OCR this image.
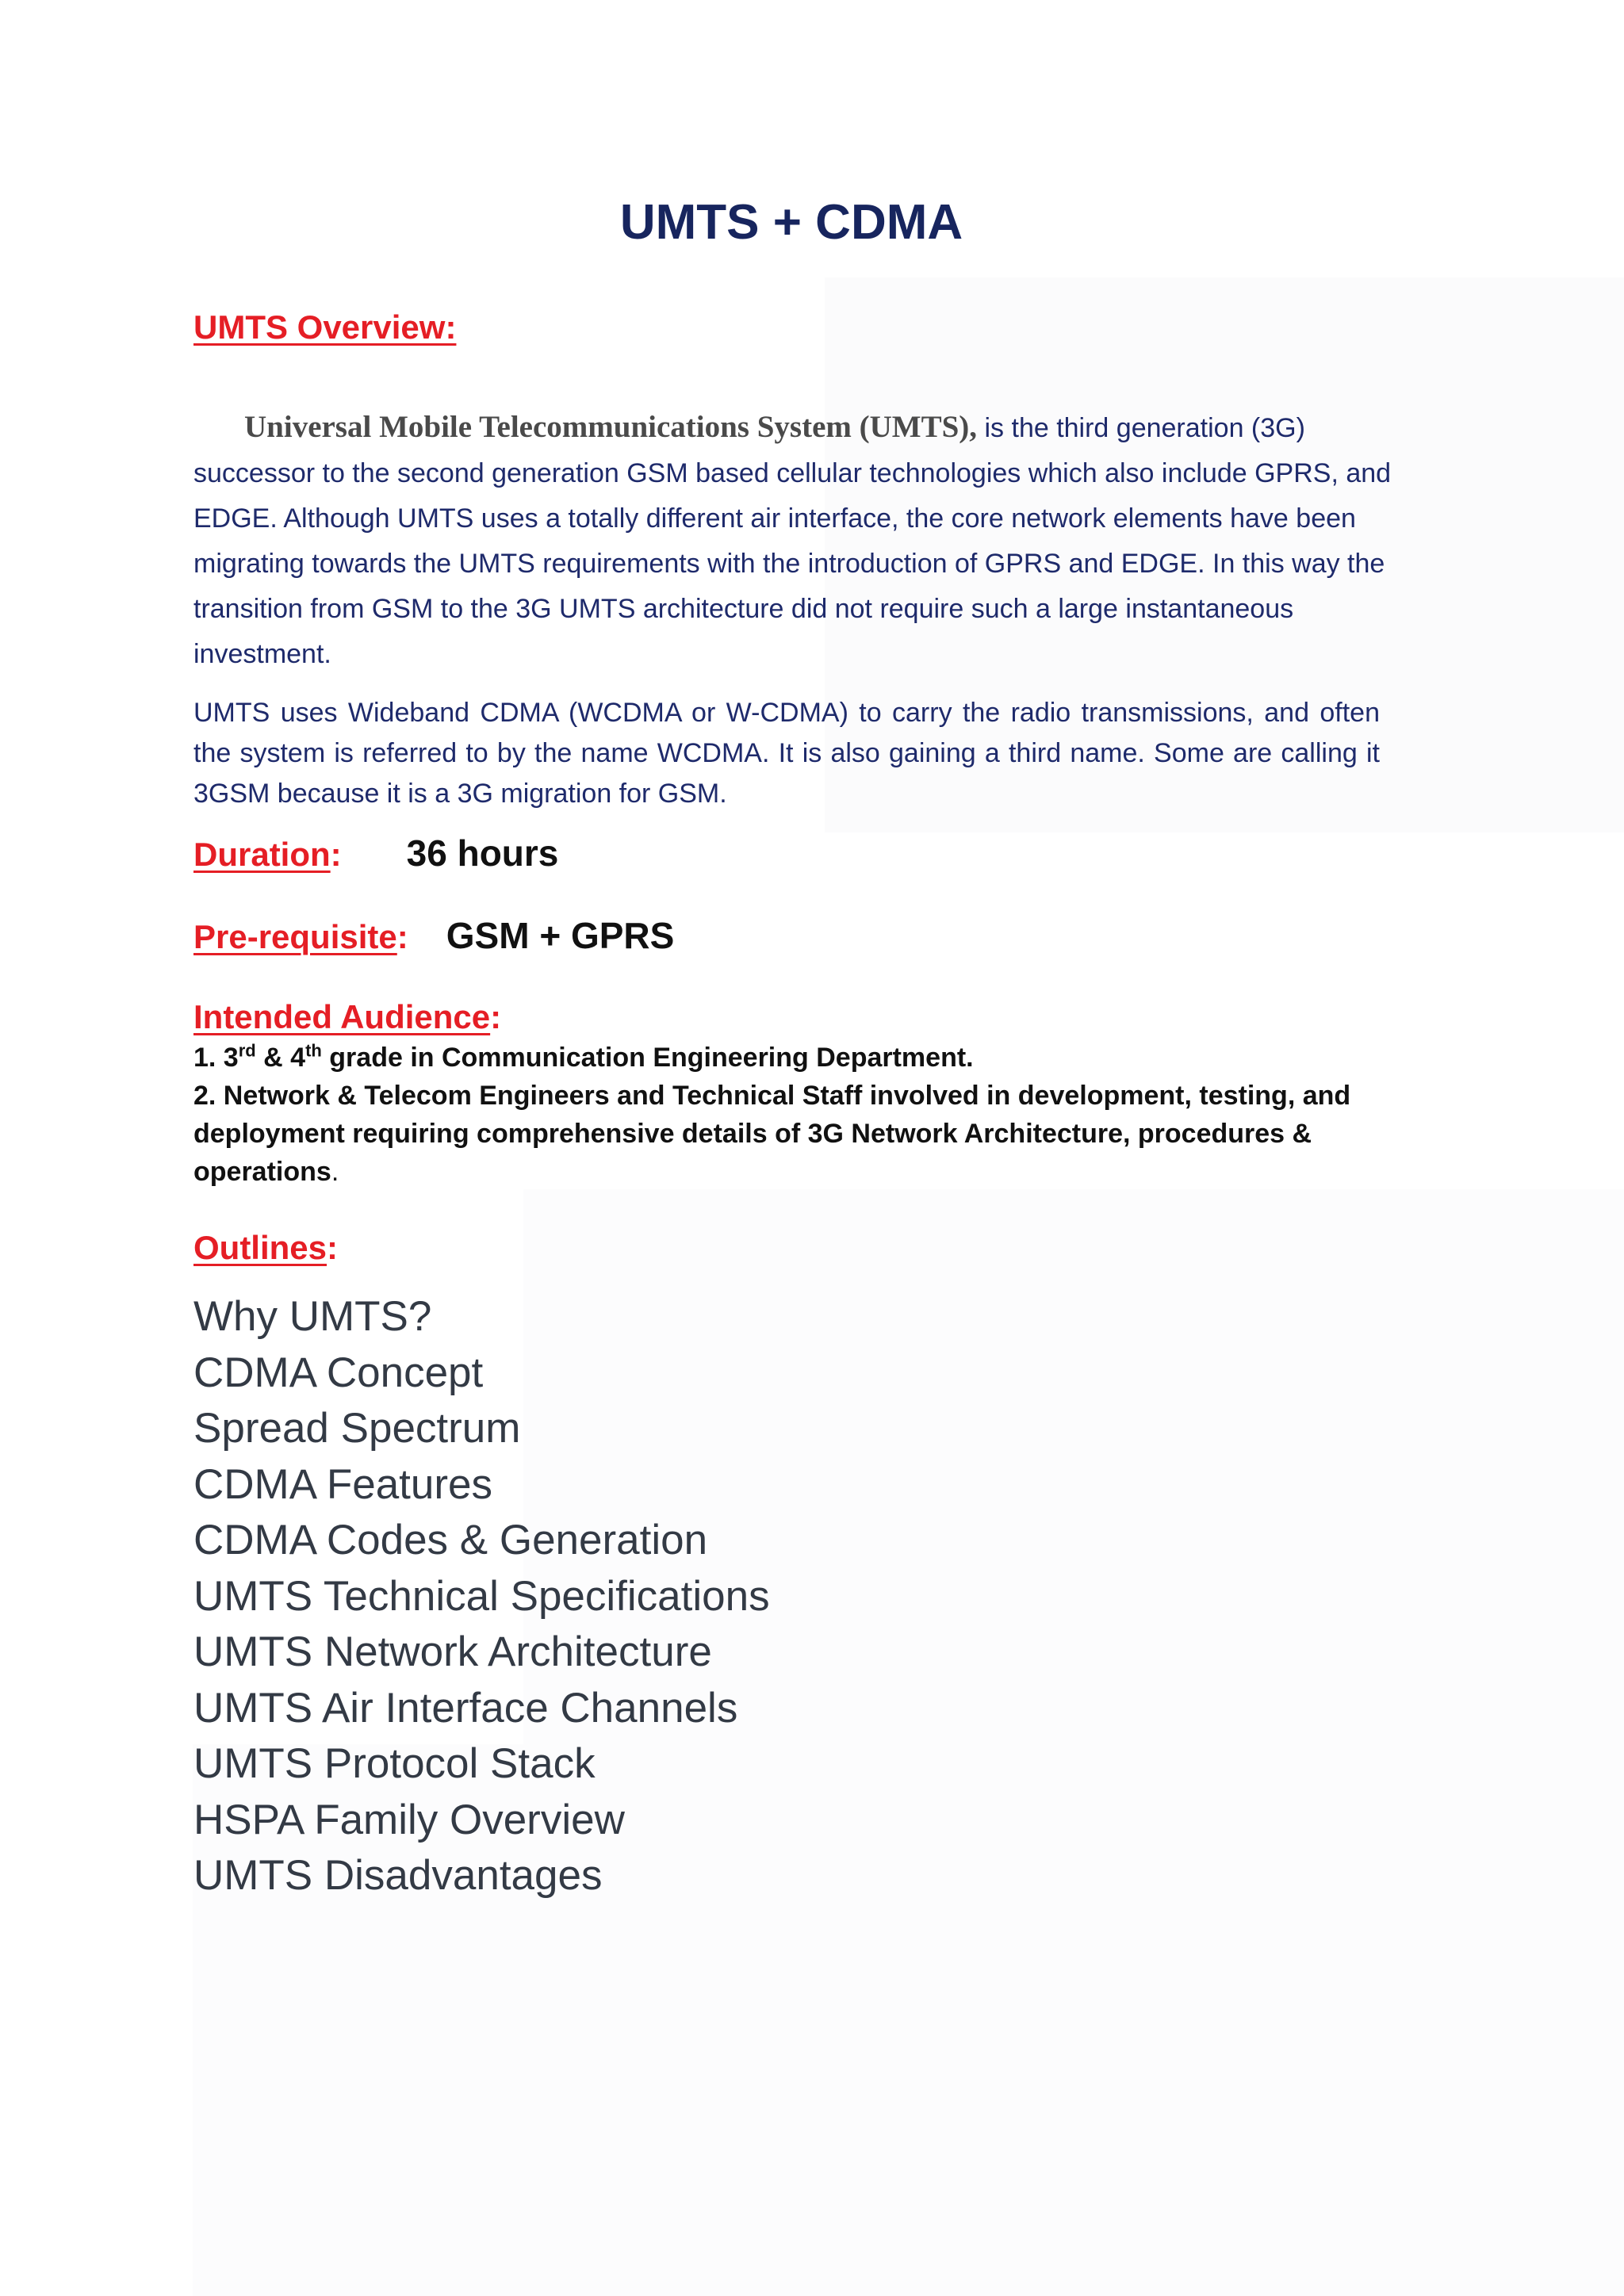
UMTS + CDMA
UMTS Overview:
Universal Mobile Telecommunications System (UMTS), is the third generation (3G) successor to the second generation GSM based cellular technologies which also include GPRS, and EDGE. Although UMTS uses a totally different air interface, the core network elements have been migrating towards the UMTS requirements with the introduction of GPRS and EDGE. In this way the transition from GSM to the 3G UMTS architecture did not require such a large instantaneous investment.
UMTS uses Wideband CDMA (WCDMA or W-CDMA) to carry the radio transmissions, and often the system is referred to by the name WCDMA. It is also gaining a third name. Some are calling it 3GSM because it is a 3G migration for GSM.
Duration: 36 hours
Pre-requisite: GSM + GPRS
Intended Audience:
1. 3rd & 4th grade in Communication Engineering Department.
2. Network & Telecom Engineers and Technical Staff involved in development, testing, and deployment requiring comprehensive details of 3G Network Architecture, procedures & operations.
Outlines:
Why UMTS?
CDMA Concept
Spread Spectrum
CDMA Features
CDMA Codes & Generation
UMTS Technical Specifications
UMTS Network Architecture
UMTS Air Interface Channels
UMTS Protocol Stack
HSPA Family Overview
UMTS Disadvantages
